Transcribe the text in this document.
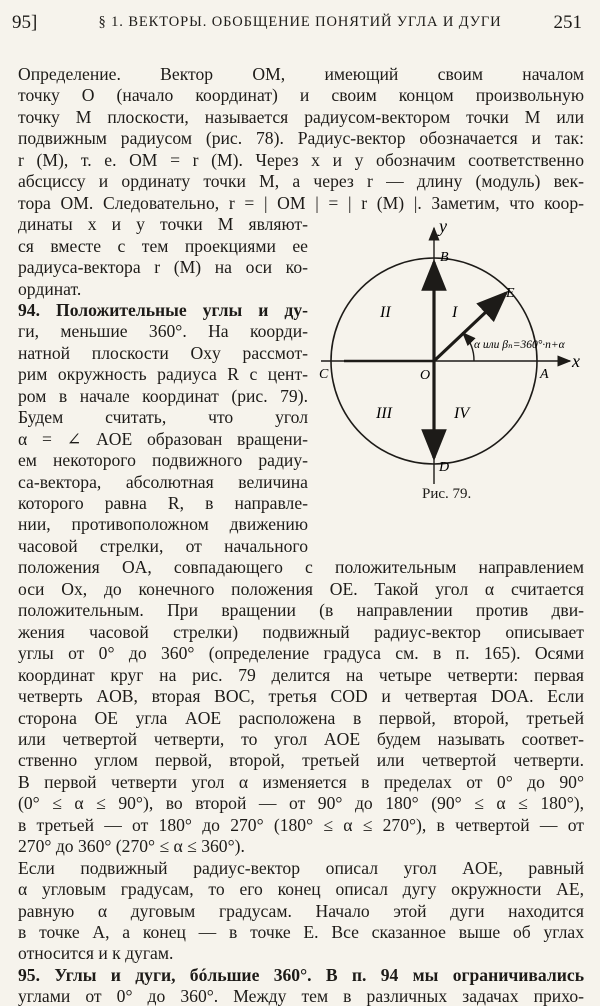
95]	§ 1. ВЕКТОРЫ. ОБОБЩЕНИЕ ПОНЯТИЙ УГЛА И ДУГИ	251
Определение. Вектор OM, имеющий своим началом
точку O (начало координат) и своим концом произвольную
точку M плоскости, называется радиусом-вектором точки M или
подвижным радиусом (рис. 78). Радиус-вектор обозначается и так:
r (M), т. е. OM = r (M). Через x и y обозначим соответственно
абсциссу и ординату точки M, а через r — длину (модуль) век-
тора OM. Следовательно, r = | OM | = | r (M) |. Заметим, что коор-
динаты x и y точки M являют-
ся вместе с тем проекциями ее
радиуса-вектора r (M) на оси ко-
ординат.
94. Положительные углы и ду-
ги, меньшие 360°. На коорди-
натной плоскости Oxy рассмот-
рим окружность радиуса R с цент-
ром в начале координат (рис. 79).
Будем считать, что угол
α = ∠ AOE образован вращени-
ем некоторого подвижного радиу-
са-вектора, абсолютная величина
которого равна R, в направле-
нии, противоположном движению
часовой стрелки, от начального
положения OA, совпадающего с положительным направлением
оси Ox, до конечного положения OE. Такой угол α считается
положительным. При вращении (в направлении против дви-
жения часовой стрелки) подвижный радиус-вектор описывает
углы от 0° до 360° (определение градуса см. в п. 165). Осями
координат круг на рис. 79 делится на четыре четверти: первая
четверть AOB, вторая BOC, третья COD и четвертая DOA. Если
сторона OE угла AOE расположена в первой, второй, третьей
или четвертой четверти, то угол AOE будем называть соответ-
ственно углом первой, второй, третьей или четвертой четверти.
В первой четверти угол α изменяется в пределах от 0° до 90°
(0° ≤ α ≤ 90°), во второй — от 90° до 180° (90° ≤ α ≤ 180°),
в третьей — от 180° до 270° (180° ≤ α ≤ 270°), в четвертой — от
270° до 360° (270° ≤ α ≤ 360°).
Если подвижный радиус-вектор описал угол AOE, равный
α угловым градусам, то его конец описал дугу окружности AE,
равную α дуговым градусам. Начало этой дуги находится
в точке A, а конец — в точке E. Все сказанное выше об углах
относится и к дугам.
95. Углы и дуги, бóльшие 360°. В п. 94 мы ограничивались
углами от 0° до 360°. Между тем в различных задачах прихо-
y
x
O	A
B
C
D
E
I
II
III	IV
α или βₙ=360°·n+α
Рис. 79.
